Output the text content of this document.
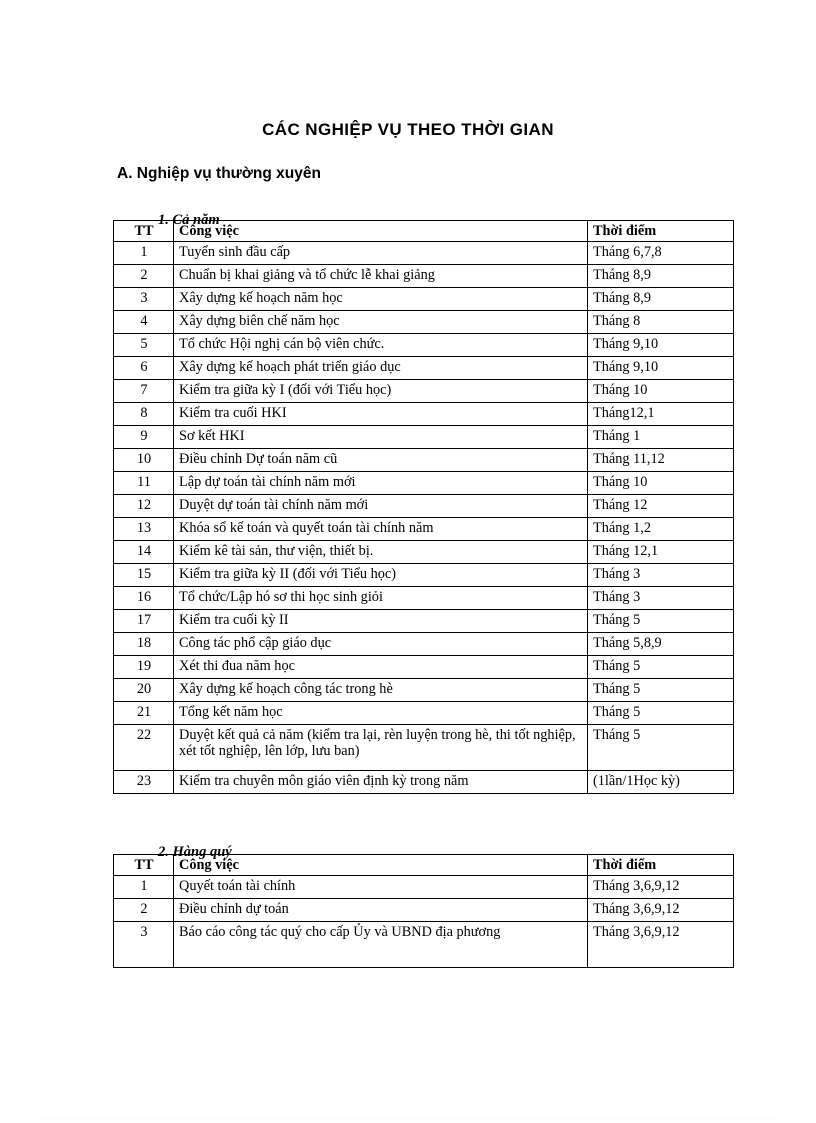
CÁC NGHIỆP VỤ THEO THỜI GIAN
A. Nghiệp vụ thường xuyên
1. Cả năm
TT	Công việc	Thời điểm
1	Tuyển sinh đầu cấp	Tháng 6,7,8
2	Chuẩn bị khai giảng và tổ chức lễ khai giảng	Tháng 8,9
3	Xây dựng kế hoạch năm học	Tháng 8,9
4	Xây dựng biên chế năm học	Tháng 8
5	Tổ chức Hội nghị cán bộ viên chức.	Tháng 9,10
6	Xây dựng kế hoạch phát triển giáo dục	Tháng 9,10
7	Kiểm tra giữa kỳ I (đối với Tiểu học)	Tháng 10
8	Kiểm tra cuối HKI	Tháng12,1
9	Sơ kết HKI	Tháng 1
10	Điều chỉnh Dự toán năm cũ	Tháng 11,12
11	Lập dự toán tài chính năm mới	Tháng 10
12	Duyệt dự toán tài chính năm mới	Tháng 12
13	Khóa sổ kế toán và quyết toán tài chính năm	Tháng 1,2
14	Kiểm kê tài sản, thư viện, thiết bị.	Tháng 12,1
15	Kiểm tra giữa kỳ II (đối với Tiểu học)	Tháng 3
16	Tổ chức/Lập hó sơ thi học sinh giỏi	Tháng 3
17	Kiểm tra cuối kỳ II	Tháng 5
18	Công tác phổ cập giáo dục	Tháng 5,8,9
19	Xét thi đua năm học	Tháng 5
20	Xây dựng kế hoạch công tác trong hè	Tháng 5
21	Tổng kết năm học	Tháng 5
22	Duyệt kết quả cả năm (kiểm tra lại, rèn luyện trong hè, thi tốt nghiệp, xét tốt nghiệp, lên lớp, lưu ban)	Tháng 5
23	Kiểm tra chuyên môn giáo viên định kỳ trong năm	(1lần/1Học kỳ)
2. Hàng quý
TT	Công việc	Thời điểm
1	Quyết toán tài chính	Tháng 3,6,9,12
2	Điều chỉnh dự toán	Tháng 3,6,9,12
3	Báo cáo công tác quý cho cấp Ủy và UBND địa phương	Tháng 3,6,9,12
